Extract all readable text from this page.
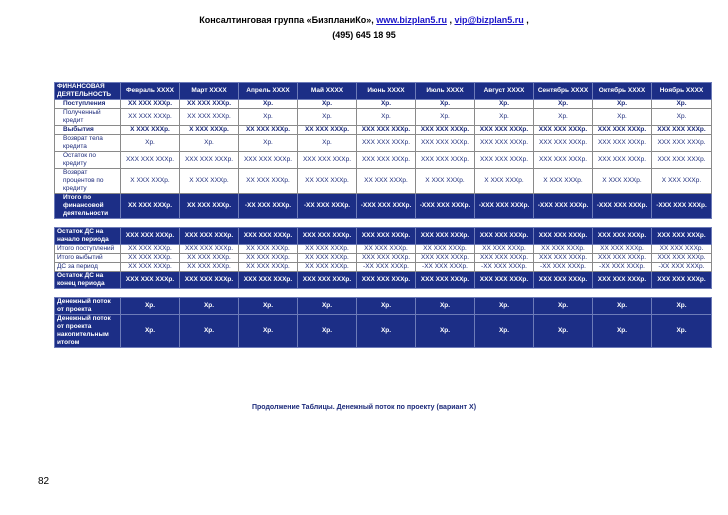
Консалтинговая группа «БизпланиКо», www.bizplan5.ru , vip@bizplan5.ru ,
(495) 645 18 95
ФИНАНСОВАЯ ДЕЯТЕЛЬНОСТЬ	Февраль XXXX	Март XXXX	Апрель XXXX	Май XXXX	Июнь XXXX	Июль XXXX	Август XXXX	Сентябрь XXXX	Октябрь XXXX	Ноябрь XXXX
Поступления	XX XXX XXXр.	XX XXX XXXр.	Xр.	Xр.	Xр.	Xр.	Xр.	Xр.	Xр.	Xр.
Полученный кредит	XX XXX XXXр.	XX XXX XXXр.	Xр.	Xр.	Xр.	Xр.	Xр.	Xр.	Xр.	Xр.
Выбытия	X XXX XXXр.	X XXX XXXр.	XX XXX XXXр.	XX XXX XXXр.	XXX XXX XXXр.	XXX XXX XXXр.	XXX XXX XXXр.	XXX XXX XXXр.	XXX XXX XXXр.	XXX XXX XXXр.
Возврат тела кредита	Xр.	Xр.	Xр.	Xр.	XXX XXX XXXр.	XXX XXX XXXр.	XXX XXX XXXр.	XXX XXX XXXр.	XXX XXX XXXр.	XXX XXX XXXр.
Остаток по кредиту	XXX XXX XXXр.	XXX XXX XXXр.	XXX XXX XXXр.	XXX XXX XXXр.	XXX XXX XXXр.	XXX XXX XXXр.	XXX XXX XXXр.	XXX XXX XXXр.	XXX XXX XXXр.	XXX XXX XXXр.
Возврат процентов по кредиту	X XXX XXXр.	X XXX XXXр.	XX XXX XXXр.	XX XXX XXXр.	XX XXX XXXр.	X XXX XXXр.	X XXX XXXр.	X XXX XXXр.	X XXX XXXр.	X XXX XXXр.
Итого по финансовой деятельности	XX XXX XXXр.	XX XXX XXXр.	-XX XXX XXXр.	-XX XXX XXXр.	-XXX XXX XXXр.	-XXX XXX XXXр.	-XXX XXX XXXр.	-XXX XXX XXXр.	-XXX XXX XXXр.	-XXX XXX XXXр.

Остаток ДС на начало периода	XXX XXX XXXр.	XXX XXX XXXр.	XXX XXX XXXр.	XXX XXX XXXр.	XXX XXX XXXр.	XXX XXX XXXр.	XXX XXX XXXр.	XXX XXX XXXр.	XXX XXX XXXр.	XXX XXX XXXр.
Итого поступлений	XX XXX XXXр.	XXX XXX XXXр.	XX XXX XXXр.	XX XXX XXXр.	XX XXX XXXр.	XX XXX XXXр.	XX XXX XXXр.	XX XXX XXXр.	XX XXX XXXр.	XX XXX XXXр.
Итого выбытий	XX XXX XXXр.	XX XXX XXXр.	XX XXX XXXр.	XX XXX XXXр.	XXX XXX XXXр.	XXX XXX XXXр.	XXX XXX XXXр.	XXX XXX XXXр.	XXX XXX XXXр.	XXX XXX XXXр.
ДС за период	XX XXX XXXр.	XX XXX XXXр.	XX XXX XXXр.	XX XXX XXXр.	-XX XXX XXXр.	-XX XXX XXXр.	-XX XXX XXXр.	-XX XXX XXXр.	-XX XXX XXXр.	-XX XXX XXXр.
Остаток ДС на конец периода	XXX XXX XXXр.	XXX XXX XXXр.	XXX XXX XXXр.	XXX XXX XXXр.	XXX XXX XXXр.	XXX XXX XXXр.	XXX XXX XXXр.	XXX XXX XXXр.	XXX XXX XXXр.	XXX XXX XXXр.

Денежный поток от проекта	Xр.	Xр.	Xр.	Xр.	Xр.	Xр.	Xр.	Xр.	Xр.	Xр.
Денежный поток от проекта накопительным итогом	Xр.	Xр.	Xр.	Xр.	Xр.	Xр.	Xр.	Xр.	Xр.	Xр.
Продолжение Таблицы. Денежный поток по проекту (вариант X)
82
